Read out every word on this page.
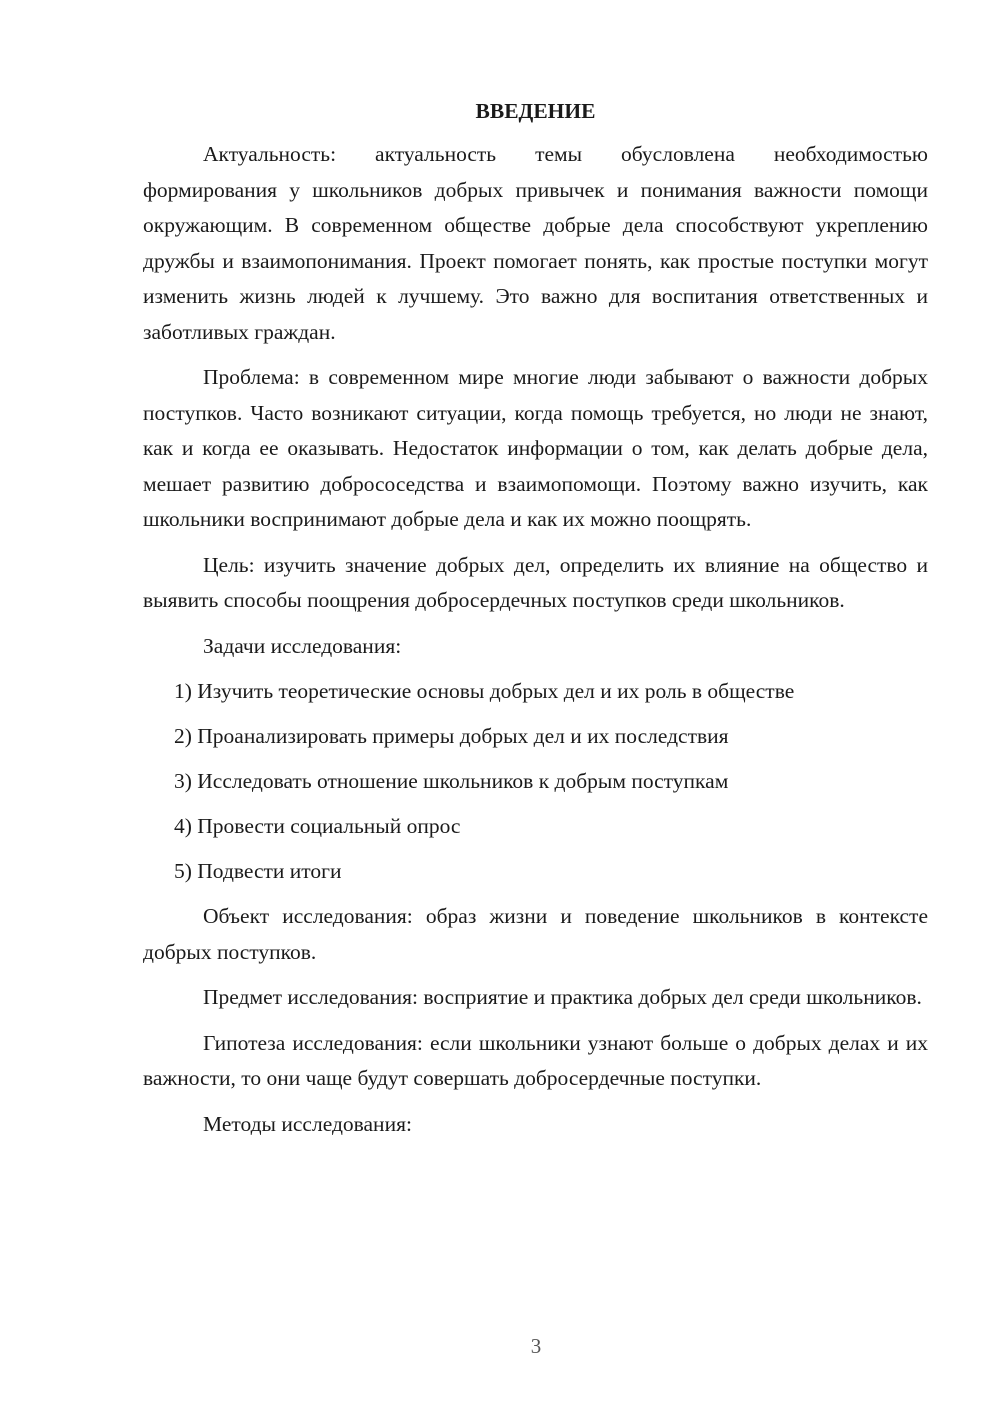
ВВЕДЕНИЕ

Актуальность: актуальность темы обусловлена необходимостью формирования у школьников добрых привычек и понимания важности помощи окружающим. В современном обществе добрые дела способствуют укреплению дружбы и взаимопонимания. Проект помогает понять, как простые поступки могут изменить жизнь людей к лучшему. Это важно для воспитания ответственных и заботливых граждан.

Проблема: в современном мире многие люди забывают о важности добрых поступков. Часто возникают ситуации, когда помощь требуется, но люди не знают, как и когда ее оказывать. Недостаток информации о том, как делать добрые дела, мешает развитию добрососедства и взаимопомощи. Поэтому важно изучить, как школьники воспринимают добрые дела и как их можно поощрять.

Цель: изучить значение добрых дел, определить их влияние на общество и выявить способы поощрения добросердечных поступков среди школьников.

Задачи исследования:

1) Изучить теоретические основы добрых дел и их роль в обществе
2) Проанализировать примеры добрых дел и их последствия
3) Исследовать отношение школьников к добрым поступкам
4) Провести социальный опрос
5) Подвести итоги

Объект исследования: образ жизни и поведение школьников в контексте добрых поступков.

Предмет исследования: восприятие и практика добрых дел среди школьников.

Гипотеза исследования: если школьники узнают больше о добрых делах и их важности, то они чаще будут совершать добросердечные поступки.

Методы исследования:

3
